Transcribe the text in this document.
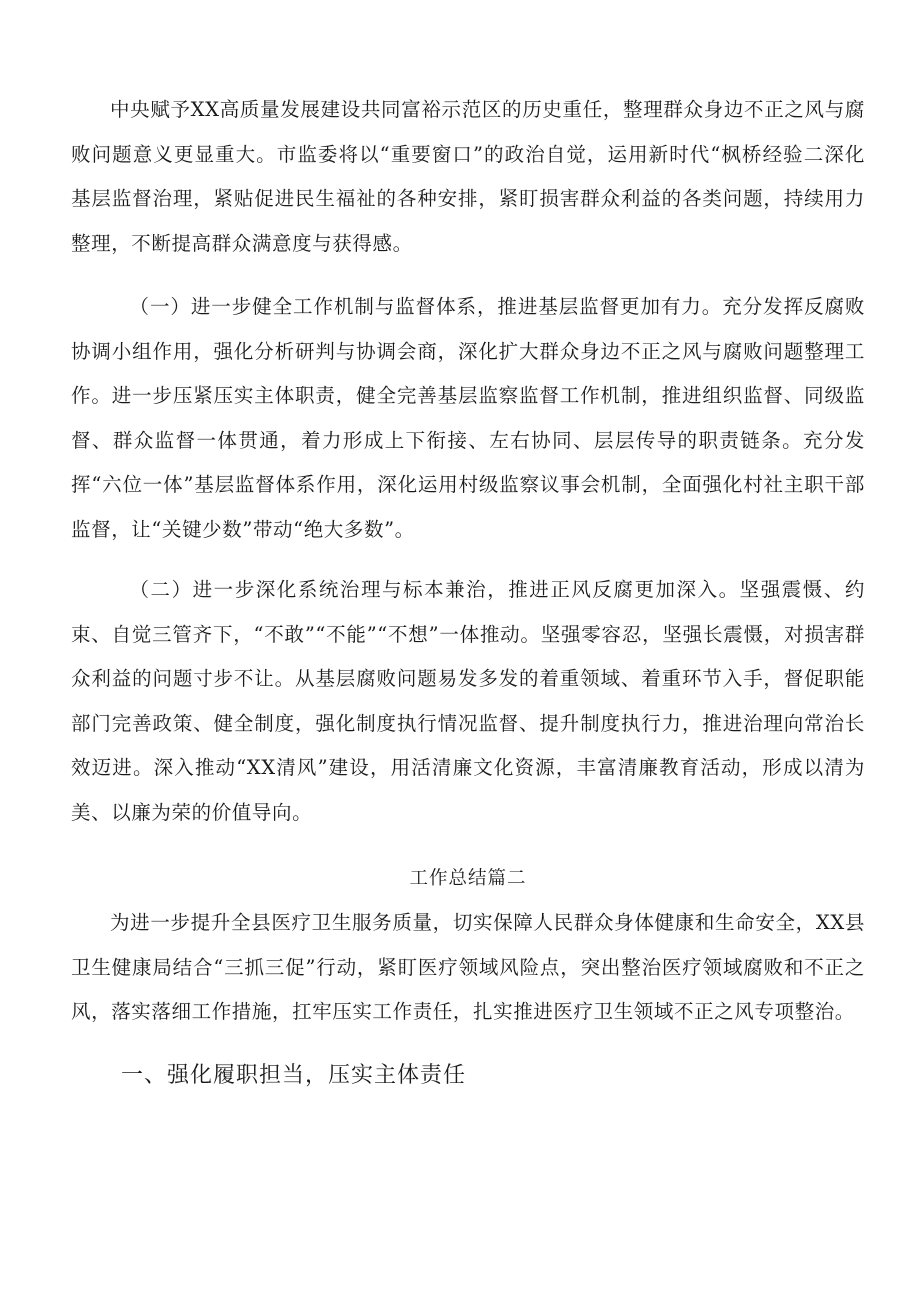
中央赋予XX高质量发展建设共同富裕示范区的历史重任，整理群众身边不正之风与腐败问题意义更显重大。市监委将以“重要窗口”的政治自觉，运用新时代“枫桥经验二深化基层监督治理，紧贴促进民生福祉的各种安排，紧盯损害群众利益的各类问题，持续用力整理，不断提高群众满意度与获得感。

（一）进一步健全工作机制与监督体系，推进基层监督更加有力。充分发挥反腐败协调小组作用，强化分析研判与协调会商，深化扩大群众身边不正之风与腐败问题整理工作。进一步压紧压实主体职责，健全完善基层监察监督工作机制，推进组织监督、同级监督、群众监督一体贯通，着力形成上下衔接、左右协同、层层传导的职责链条。充分发挥“六位一体”基层监督体系作用，深化运用村级监察议事会机制，全面强化村社主职干部监督，让“关键少数”带动“绝大多数”。

（二）进一步深化系统治理与标本兼治，推进正风反腐更加深入。坚强震慑、约束、自觉三管齐下，“不敢”“不能”“不想”一体推动。坚强零容忍，坚强长震慑，对损害群众利益的问题寸步不让。从基层腐败问题易发多发的着重领域、着重环节入手，督促职能部门完善政策、健全制度，强化制度执行情况监督、提升制度执行力，推进治理向常治长效迈进。深入推动“XX清风”建设，用活清廉文化资源，丰富清廉教育活动，形成以清为美、以廉为荣的价值导向。

工作总结篇二

为进一步提升全县医疗卫生服务质量，切实保障人民群众身体健康和生命安全，XX县卫生健康局结合“三抓三促”行动，紧盯医疗领域风险点，突出整治医疗领域腐败和不正之风，落实落细工作措施，扛牢压实工作责任，扎实推进医疗卫生领域不正之风专项整治。

一、强化履职担当，压实主体责任
